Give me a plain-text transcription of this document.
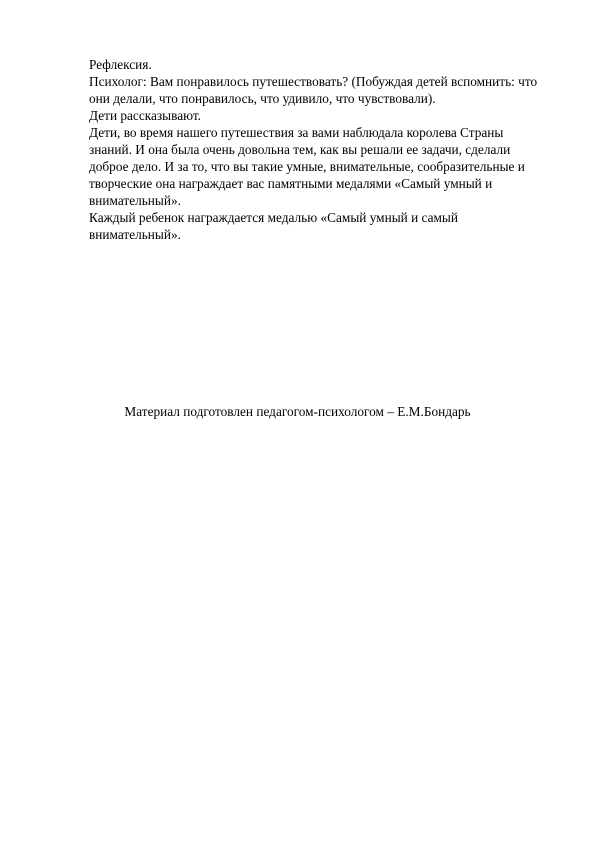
Рефлексия.

Психолог: Вам понравилось путешествовать? (Побуждая детей вспомнить: что они делали, что понравилось, что удивило, что чувствовали).

Дети рассказывают.

Дети, во время нашего путешествия за вами наблюдала королева Страны знаний. И она была очень довольна тем, как вы решали ее задачи, сделали доброе дело. И за то, что вы такие умные, внимательные, сообразительные и творческие она награждает вас памятными медалями «Самый умный и внимательный».

Каждый ребенок награждается медалью «Самый умный и самый внимательный».

Материал подготовлен педагогом-психологом – Е.М.Бондарь
